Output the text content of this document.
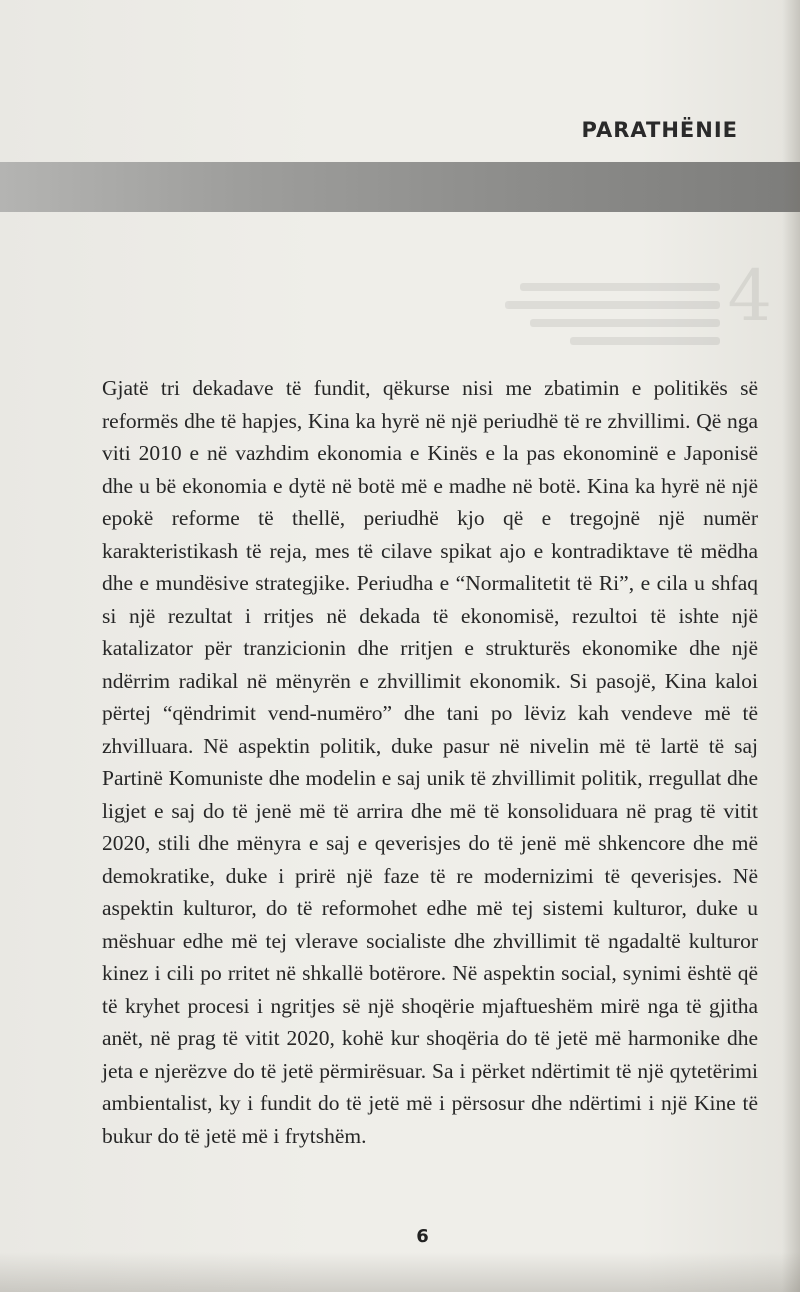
PARATHËNIE
4

Gjatë tri dekadave të fundit, qëkurse nisi me zbatimin e politikës së reformës dhe të hapjes, Kina ka hyrë në një periudhë të re zhvillimi. Që nga viti 2010 e në vazhdim ekonomia e Kinës e la pas ekonominë e Japonisë dhe u bë ekonomia e dytë në botë më e madhe në botë. Kina ka hyrë në një epokë reforme të thellë, periudhë kjo që e tregojnë një numër karakteristikash të reja, mes të cilave spikat ajo e kontradiktave të mëdha dhe e mundësive strategjike. Periudha e “Normalitetit të Ri”, e cila u shfaq si një rezultat i rritjes në dekada të ekonomisë, rezultoi të ishte një katalizator për tranzicionin dhe rritjen e strukturës ekonomike dhe një ndërrim radikal në mënyrën e zhvillimit ekonomik. Si pasojë, Kina kaloi përtej “qëndrimit vend-numëro” dhe tani po lëviz kah vendeve më të zhvilluara. Në aspektin politik, duke pasur në nivelin më të lartë të saj Partinë Komuniste dhe modelin e saj unik të zhvillimit politik, rregullat dhe ligjet e saj do të jenë më të arrira dhe më të konsoliduara në prag të vitit 2020, stili dhe mënyra e saj e qeverisjes do të jenë më shkencore dhe më demokratike, duke i prirë një faze të re modernizimi të qeverisjes. Në aspektin kulturor, do të reformohet edhe më tej sistemi kulturor, duke u mëshuar edhe më tej vlerave socialiste dhe zhvillimit të ngadaltë kulturor kinez i cili po rritet në shkallë botërore. Në aspektin social, synimi është që të kryhet procesi i ngritjes së një shoqërie mjaftueshëm mirë nga të gjitha anët, në prag të vitit 2020, kohë kur shoqëria do të jetë më harmonike dhe jeta e njerëzve do të jetë përmirësuar. Sa i përket ndërtimit të një qytetërimi ambientalist, ky i fundit do të jetë më i përsosur dhe ndërtimi i një Kine të bukur do të jetë më i frytshëm.

6
